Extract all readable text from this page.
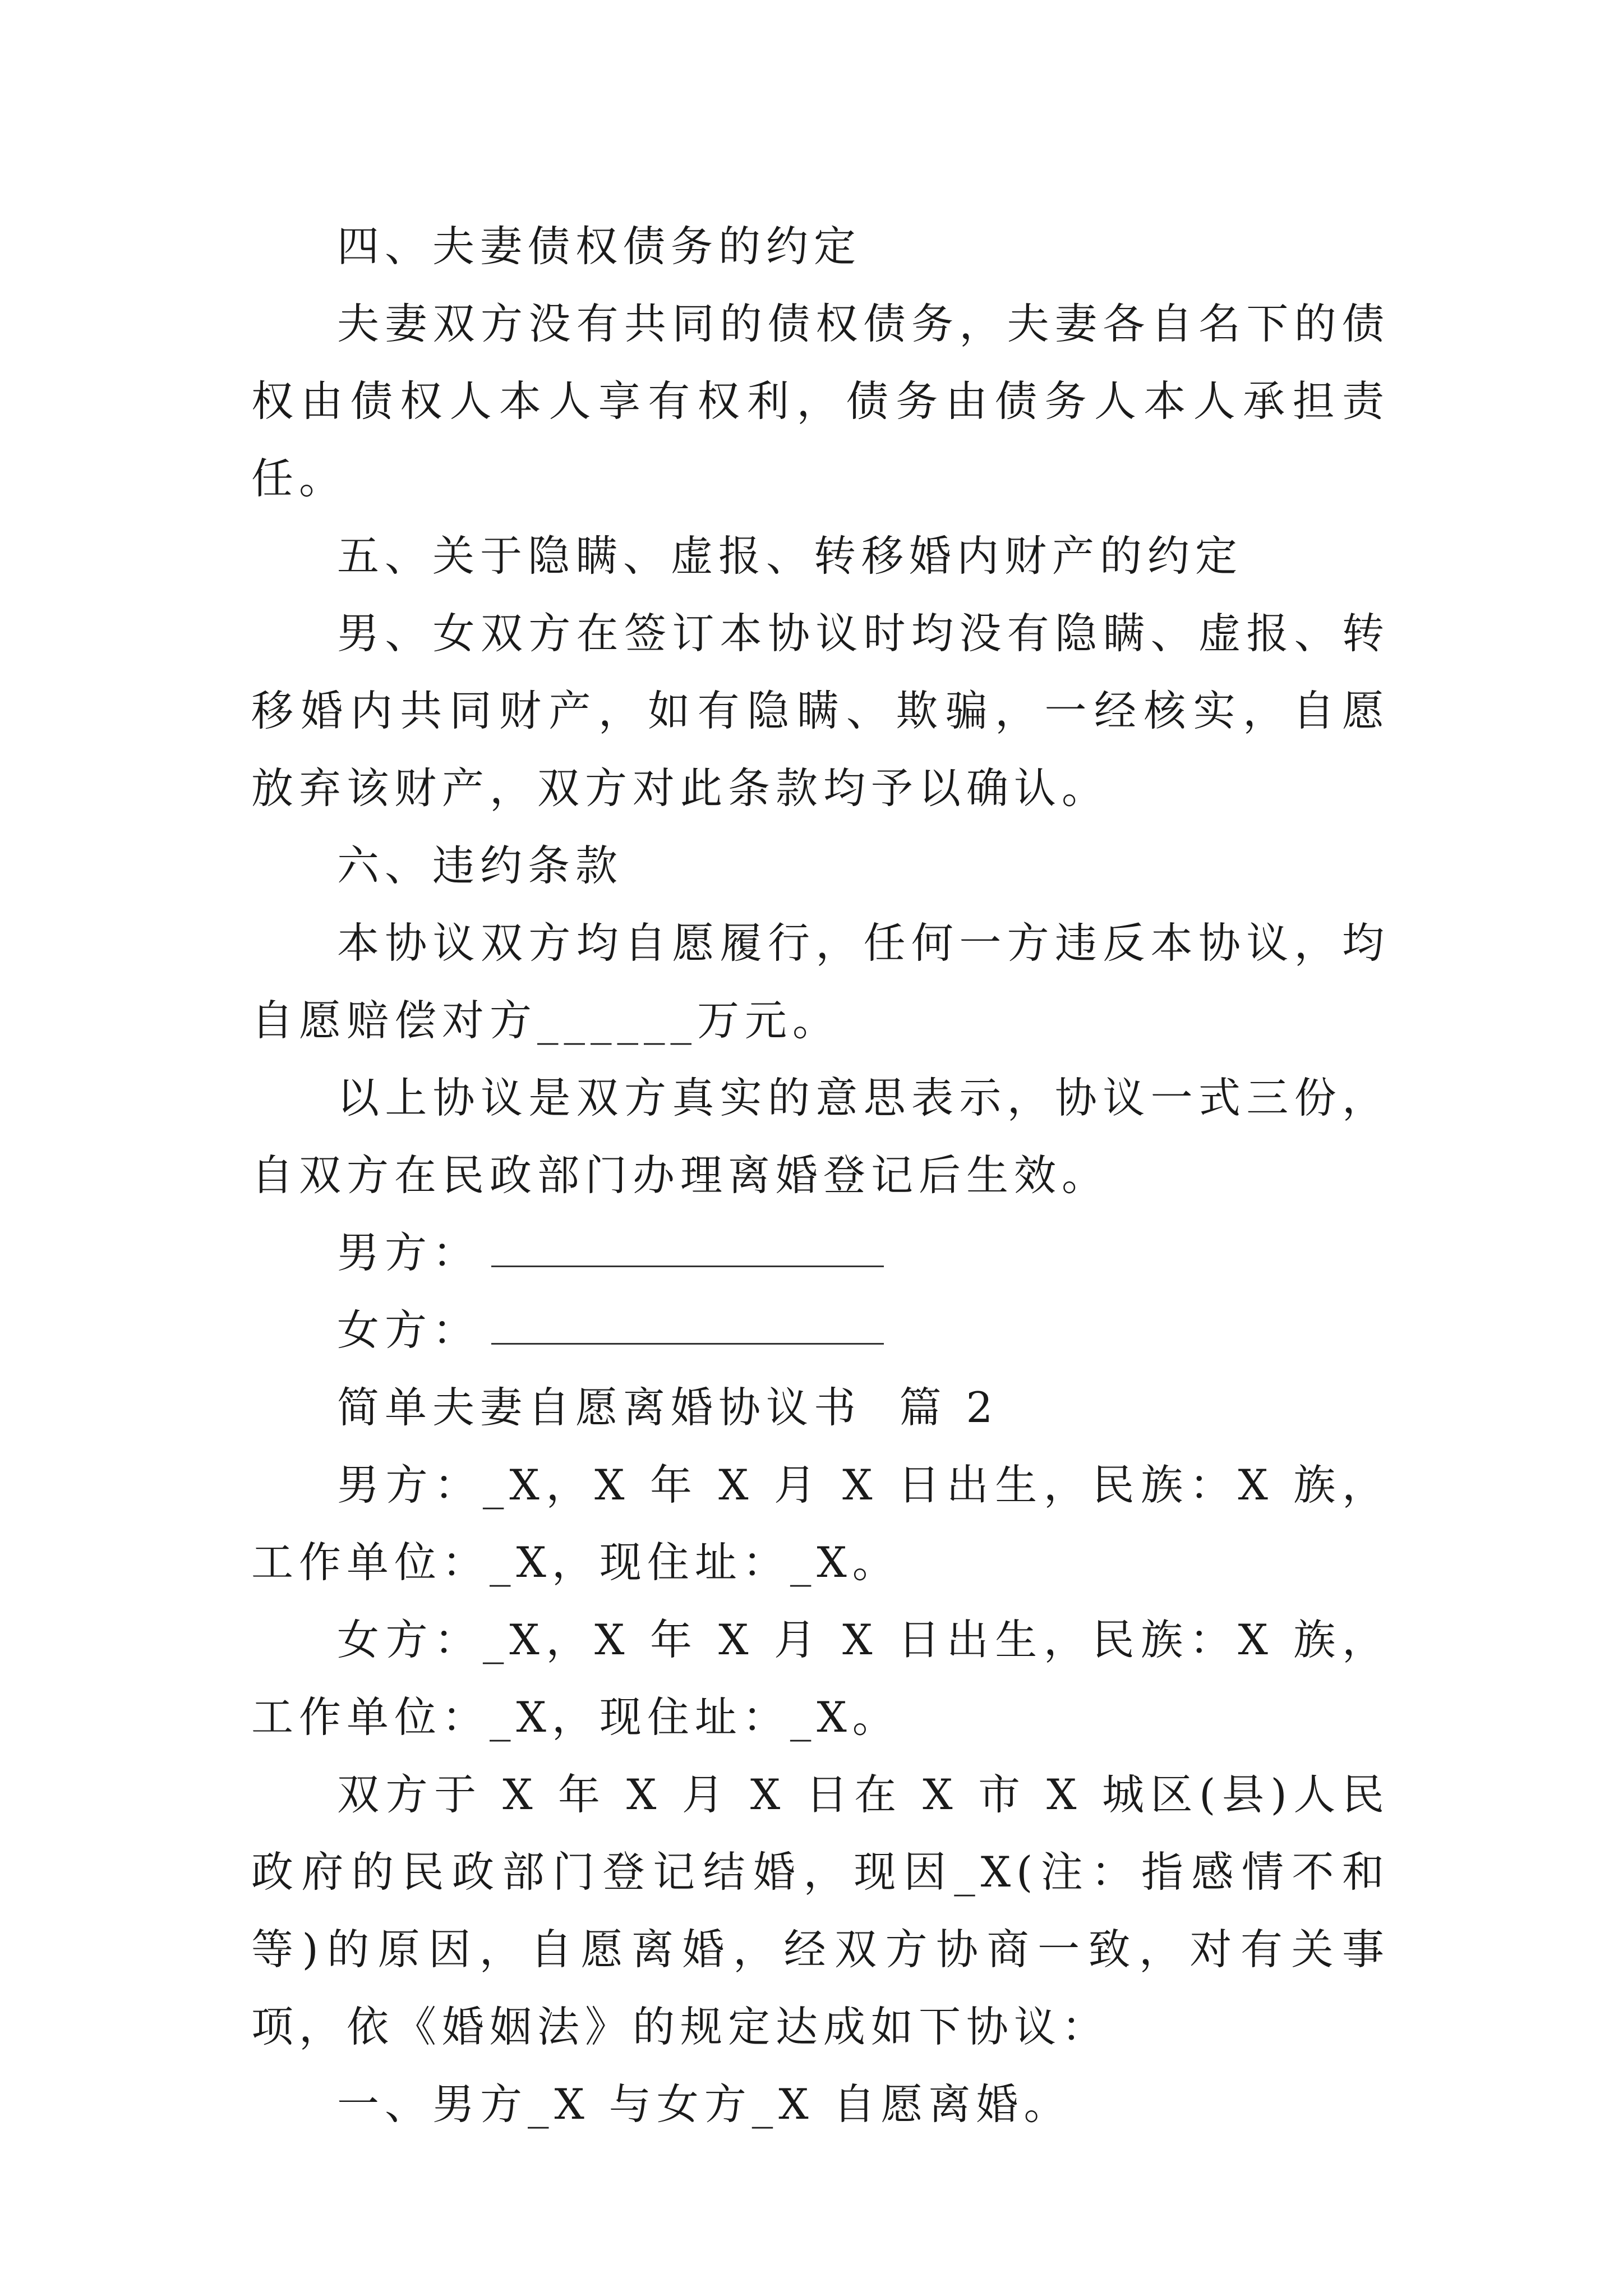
四、夫妻债权债务的约定

夫妻双方没有共同的债权债务，夫妻各自名下的债权由债权人本人享有权利，债务由债务人本人承担责任。

五、关于隐瞒、虚报、转移婚内财产的约定

男、女双方在签订本协议时均没有隐瞒、虚报、转移婚内共同财产，如有隐瞒、欺骗，一经核实，自愿放弃该财产，双方对此条款均予以确认。

六、违约条款

本协议双方均自愿履行，任何一方违反本协议，均自愿赔偿对方______万元。

以上协议是双方真实的意思表示，协议一式三份，自双方在民政部门办理离婚登记后生效。

男方：

女方：

简单夫妻自愿离婚协议书  篇 2

男方：_X，X 年 X 月 X 日出生，民族：X 族，工作单位：_X，现住址：_X。

女方：_X，X 年 X 月 X 日出生，民族：X 族，工作单位：_X，现住址：_X。

双方于 X 年 X 月 X 日在 X 市 X 城区(县)人民政府的民政部门登记结婚，现因_X(注：指感情不和等)的原因，自愿离婚，经双方协商一致，对有关事项，依《婚姻法》的规定达成如下协议：

一、男方_X 与女方_X 自愿离婚。
